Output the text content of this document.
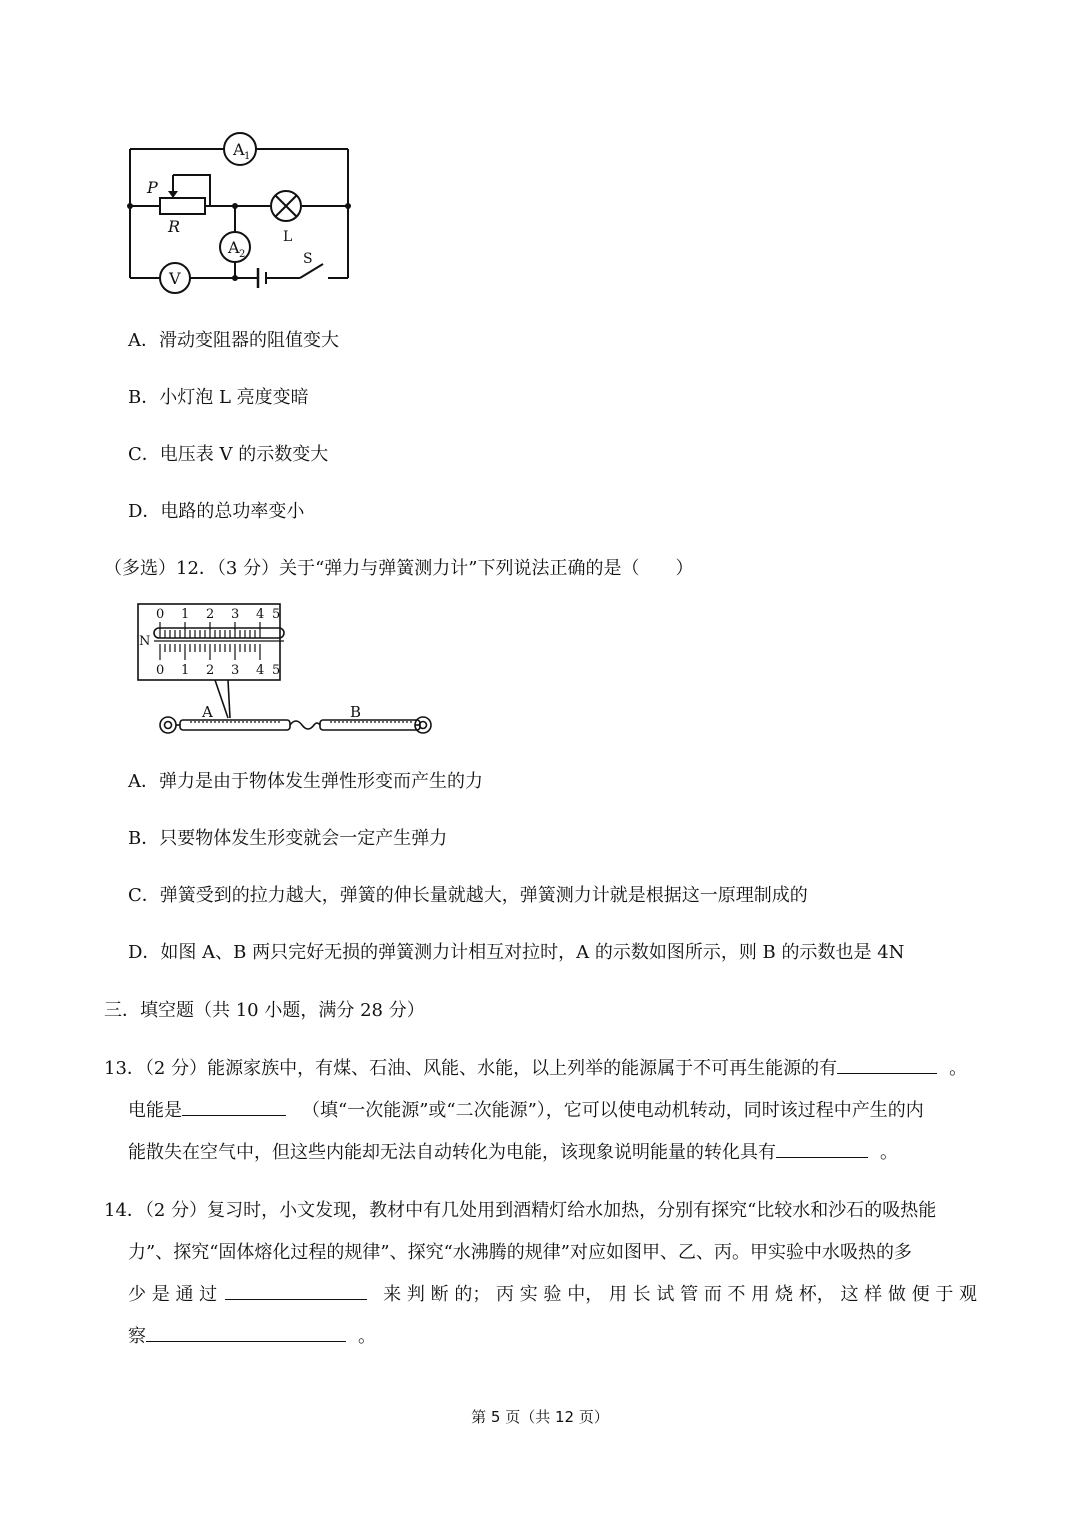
A 1
A 2
V
P
R
L
S
A．滑动变阻器的阻值变大
B．小灯泡 L 亮度变暗
C．电压表 V 的示数变大
D．电路的总功率变小
（多选）12．（3 分）关于“弹力与弹簧测力计”下列说法正确的是（　　）
0 1 2 3 4 5
0 1 2 3 4 5
N
A	B
A．弹力是由于物体发生弹性形变而产生的力
B．只要物体发生形变就会一定产生弹力
C．弹簧受到的拉力越大，弹簧的伸长量就越大，弹簧测力计就是根据这一原理制成的
D．如图 A、B 两只完好无损的弹簧测力计相互对拉时，A 的示数如图所示，则 B 的示数也是 4N
三．填空题（共 10 小题，满分 28 分）
13．（2 分）能源家族中，有煤、石油、风能、水能，以上列举的能源属于不可再生能源的有	。
电能是	（填“一次能源”或“二次能源”），它可以使电动机转动，同时该过程中产生的内
能散失在空气中，但这些内能却无法自动转化为电能，该现象说明能量的转化具有	。
14．（2 分）复习时，小文发现，教材中有几处用到酒精灯给水加热，分别有探究“比较水和沙石的吸热能
力”、探究“固体熔化过程的规律”、探究“水沸腾的规律”对应如图甲、乙、丙。甲实验中水吸热的多
少 是 通 过	来 判 断 的； 丙 实 验 中， 用 长 试 管 而 不 用 烧 杯， 这 样 做 便 于 观
察	。
第 5 页（共 12 页）
